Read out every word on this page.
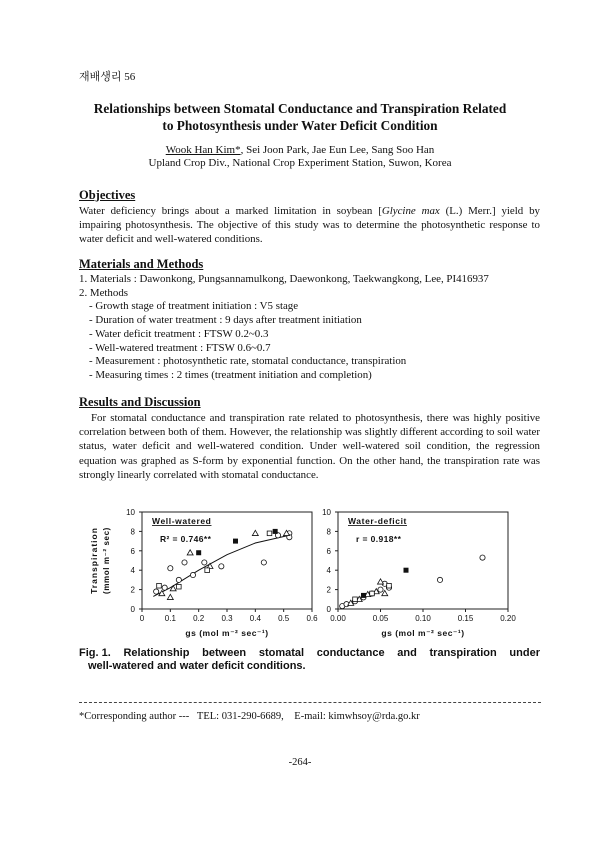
재배생리 56
Relationships between Stomatal Conductance and Transpiration Related
to Photosynthesis under Water Deficit Condition
Wook Han Kim*, Sei Joon Park, Jae Eun Lee, Sang Soo Han
Upland Crop Div., National Crop Experiment Station, Suwon, Korea
Objectives
Water deficiency brings about a marked limitation in soybean [Glycine max (L.) Merr.] yield by impairing photosynthesis. The objective of this study was to determine the photosynthetic response to water deficit and well-watered conditions.
Materials and Methods
1. Materials : Dawonkong, Pungsannamulkong, Daewonkong, Taekwangkong, Lee, PI416937
2. Methods
- Growth stage of treatment initiation : V5 stage
- Duration of water treatment : 9 days after treatment initiation
- Water deficit treatment : FTSW 0.2~0.3
- Well-watered treatment : FTSW 0.6~0.7
- Measurement : photosynthetic rate, stomatal conductance, transpiration
- Measuring times : 2 times (treatment initiation and completion)
Results and Discussion
For stomatal conductance and transpiration rate related to photosynthesis, there was highly positive correlation between both of them. However, the relationship was slightly different according to soil water status, water deficit and well-watered condition. Under well-watered soil condition, the regression equation was graphed as S-form by exponential function. On the other hand, the transpiration rate was strongly linearly correlated with stomatal conductance.
0	0.1 0.2 0.3 0.4 0.5 0.6
0
2
4
6
8
10
Well-watered
R² = 0.746**
gs (mol m⁻² sec⁻¹)
Transpiration (mmol m⁻² sec)
0.00	0.05	0.10	0.15	0.20
0
2
4
6
8
10
Water-deficit
r = 0.918**
gs (mol m⁻² sec⁻¹)
Fig. 1. Relationship between stomatal conductance and transpiration under
well-watered and water deficit conditions.
*Corresponding author ---   TEL: 031-290-6689,    E-mail: kimwhsoy@rda.go.kr
-264-
